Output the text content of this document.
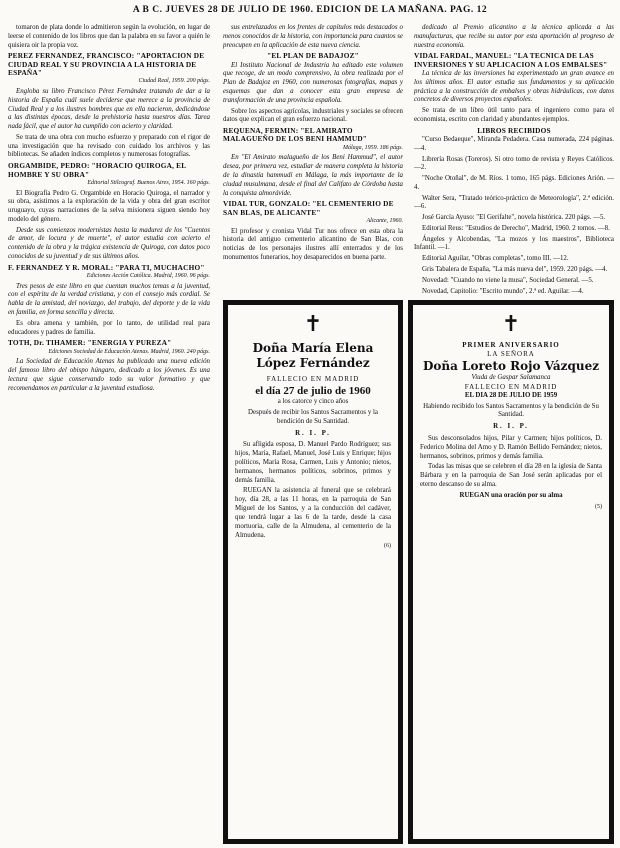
A B C. JUEVES 28 DE JULIO DE 1960. EDICION DE LA MAÑANA. PAG. 12

tomaron de plata donde lo admitieron según la evolución, en lugar de leerse el contenido de los libros que dan la palabra en su favor a quién le quisiera oir la propia voz.

PEREZ FERNANDEZ, FRANCISCO: "APORTACION DE CIUDAD REAL Y SU PROVINCIA A LA HISTORIA DE ESPAÑA"
Ciudad Real, 1959. 200 págs.

Engloba su libro Francisco Pérez Fernández tratando de dar a la historia de España cuál suele deciderse que merece a la provincia de Ciudad Real y a los ilustres hombres que en ella nacieron, dedicándose a las distintas épocas, desde la prehistoria hasta nuestros días. Tarea nada fácil, que el autor ha cumplido con acierto y claridad.

Se trata de una obra con mucho esfuerzo y preparado con el rigor de una investigación que ha revisado con cuidado los archivos y las bibliotecas. Se añaden índices completos y numerosas fotografías.

ORGAMBIDE, PEDRO: "HORACIO QUIROGA, EL HOMBRE Y SU OBRA"
Editorial Stilcograf. Buenos Aires, 1954. 160 págs.

El Biografía Pedro G. Orgambide en Horacio Quiroga, el narrador y su obra, asistimos a la exploración de la vida y obra del gran escritor uruguayo, cuyas narraciones de la selva misionera siguen siendo hoy modelo del género.

Desde sus comienzos modernistas hasta la madurez de los "Cuentos de amor, de locura y de muerte", el autor estudia con acierto el contenido de la obra y la trágica existencia de Quiroga, con datos poco conocidos de su juventud y de sus últimos años.

F. FERNANDEZ Y R. MORAL: "PARA TI, MUCHACHO"
Ediciones Acción Católica. Madrid, 1960. 96 págs.

Tres pesos de este libro en que cuentan muchos temas a la juventud, con el espíritu de la verdad cristiana, y con el consejo más cordial. Se habla de la amistad, del noviazgo, del trabajo, del deporte y de la vida en familia, en forma sencilla y directa.

Es obra amena y también, por lo tanto, de utilidad real para educadores y padres de familia.

TOTH, Dr. TIHAMER: "ENERGIA Y PUREZA"
Ediciones Sociedad de Educación Atenas. Madrid, 1960. 240 págs.

La Sociedad de Educación Atenas ha publicado una nueva edición del famoso libro del obispo húngaro, dedicado a los jóvenes. Es una lectura que sigue conservando todo su valor formativo y que recomendamos en particular a la juventud estudiosa.

sus entrelazados en los frentes de capítulos más destacados o menos conocidos de la historia, con importancia para cuantos se preocupen en la aplicación de esta nueva ciencia.

"EL PLAN DE BADAJOZ"

El Instituto Nacional de Industria ha editado este volumen que recoge, de un modo comprensivo, la obra realizada por el Plan de Badajoz en 1960, con numerosas fotografías, mapas y esquemas que dan a conocer esta gran empresa de transformación de una provincia española.

Sobre los aspectos agrícolas, industriales y sociales se ofrecen datos que explican el gran esfuerzo nacional.

REQUENA, FERMIN: "EL AMIRATO MALAGUEÑO DE LOS BENI HAMMUD"
Málaga, 1959. 186 págs.

En "El Amirato malagueño de los Beni Hammud", el autor desea, por primera vez, estudiar de manera completa la historia de la dinastía hammudí en Málaga, la más importante de la ciudad musulmana, desde el final del Califato de Córdoba hasta la conquista almorávide.

VIDAL TUR, GONZALO: "EL CEMENTERIO DE SAN BLAS, DE ALICANTE"
Alicante, 1960.

El profesor y cronista Vidal Tur nos ofrece en esta obra la historia del antiguo cementerio alicantino de San Blas, con noticias de los personajes ilustres allí enterrados y de los monumentos funerarios, hoy desaparecidos en buena parte.

dedicado al Premio alicantino a la técnica aplicada a las manufacturas, que recibe su autor por esta aportación al progreso de nuestra economía.

VIDAL FARDAL, MANUEL: "LA TECNICA DE LAS INVERSIONES Y SU APLICACION A LOS EMBALSES"

La técnica de las inversiones ha experimentado un gran avance en los últimos años. El autor estudia sus fundamentos y su aplicación práctica a la construcción de embalses y obras hidráulicas, con datos concretos de diversos proyectos españoles.

Se trata de un libro útil tanto para el ingeniero como para el economista, escrito con claridad y abundantes ejemplos.

LIBROS RECIBIDOS

"Curso Bedaeque", Miranda Pedadera. Casa numerada, 224 páginas. —4.

Librería Rosas (Toreros). Si otro tomo de revista y Reyes Católicos. —2.

"Noche Otoñal", de M. Ríos. 1 tomo, 165 págs. Ediciones Arión. —4.

Walter Sera, "Tratado teórico-práctico de Meteorología", 2.ª edición. —6.

José García Ayuso: "El Gerifalte", novela histórica. 220 págs. —5.

Editorial Reus: "Estudios de Derecho", Madrid, 1960. 2 tomos. —8.

Ángeles y Alcobendas, "La mozos y los maestros", Biblioteca Infantil. —1.

Editorial Aguilar, "Obras completas", tomo III. —12.

Gris Tabalera de España, "La más nueva del", 1959. 220 págs. —4.

Novedad: "Cuando no viene la musa", Sociedad General. —5.

Novedad, Capitolio: "Escrito mundo", 2.ª ed. Aguilar. —4.

✝
Doña María Elena López Fernández
FALLECIO EN MADRID
el día 27 de julio de 1960
a los catorce y cinco años
Después de recibir los Santos Sacramentos y la bendición de Su Santidad.
R. I. P.

Su afligida esposa, D. Manuel Pardo Rodríguez; sus hijos, María, Rafael, Manuel, José Luis y Enrique; hijos políticos, María Rosa, Carmen, Luis y Antonio; nietos, hermanos, hermanos políticos, sobrinos, primos y demás familia.

RUEGAN la asistencia al funeral que se celebrará hoy, día 28, a las 11 horas, en la parroquia de San Miguel de los Santos, y a la conducción del cadáver, que tendrá lugar a las 6 de la tarde, desde la casa mortuoria, calle de la Almudena, al cementerio de la Almudena.

(6)
✝
PRIMER ANIVERSARIO
LA SEÑORA
Doña Loreto Rojo Vázquez
Viuda de Gaspar Salamanca
FALLECIO EN MADRID
EL DIA 28 DE JULIO DE 1959
Habiendo recibido los Santos Sacramentos y la bendición de Su Santidad.
R. I. P.

Sus desconsolados hijos, Pilar y Carmen; hijos políticos, D. Federico Molina del Amo y D. Ramón Bellido Fernández; nietos, hermanos, sobrinos, primos y demás familia.

Todas las misas que se celebren el día 28 en la iglesia de Santa Bárbara y en la parroquia de San José serán aplicadas por el eterno descanso de su alma.

RUEGAN una oración por su alma
(5)
